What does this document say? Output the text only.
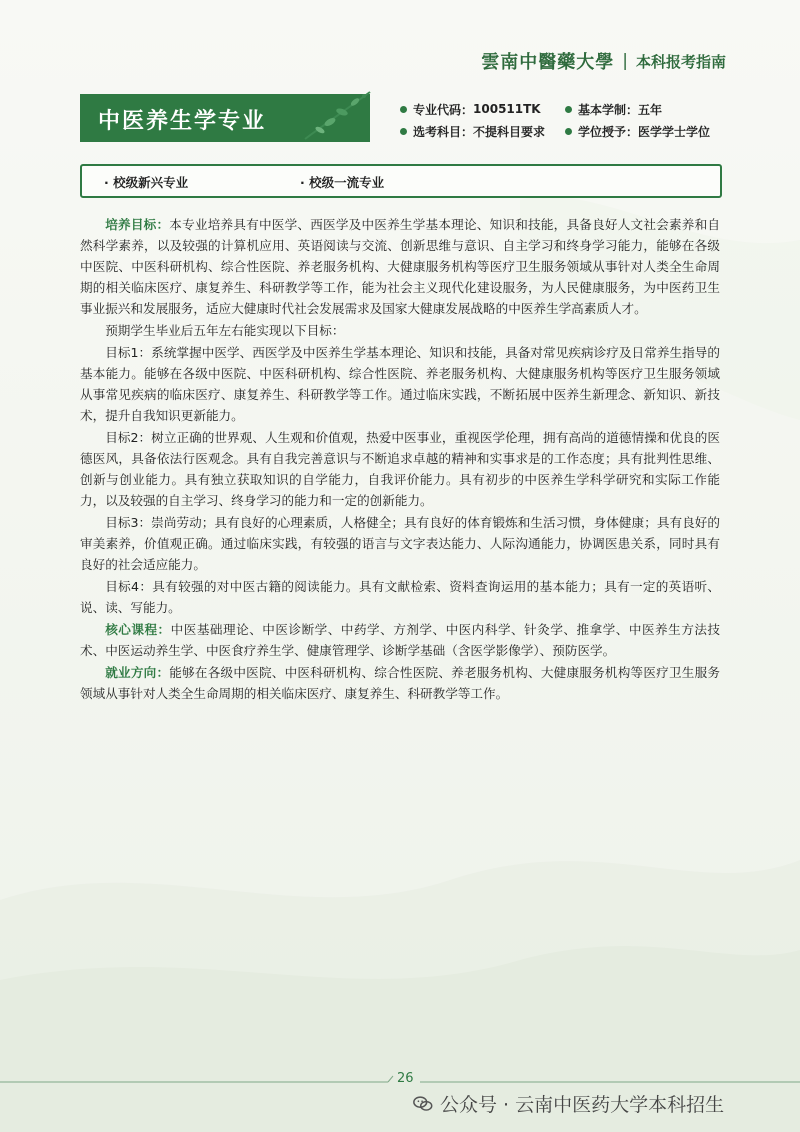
雲南中醫藥大學 | 本科报考指南
中医养生学专业	专业代码： 100511TK	基本学制： 五年
选考科目： 不提科目要求	学位授予： 医学学士学位
· 校级新兴专业	· 校级一流专业

培养目标：本专业培养具有中医学、西医学及中医养生学基本理论、知识和技能，具备良好人文社会素养和自然科学素养，以及较强的计算机应用、英语阅读与交流、创新思维与意识、自主学习和终身学习能力，能够在各级中医院、中医科研机构、综合性医院、养老服务机构、大健康服务机构等医疗卫生服务领域从事针对人类全生命周期的相关临床医疗、康复养生、科研教学等工作，能为社会主义现代化建设服务，为人民健康服务，为中医药卫生事业振兴和发展服务，适应大健康时代社会发展需求及国家大健康发展战略的中医养生学高素质人才。

预期学生毕业后五年左右能实现以下目标：

目标1：系统掌握中医学、西医学及中医养生学基本理论、知识和技能，具备对常见疾病诊疗及日常养生指导的基本能力。能够在各级中医院、中医科研机构、综合性医院、养老服务机构、大健康服务机构等医疗卫生服务领域从事常见疾病的临床医疗、康复养生、科研教学等工作。通过临床实践，不断拓展中医养生新理念、新知识、新技术，提升自我知识更新能力。

目标2：树立正确的世界观、人生观和价值观，热爱中医事业，重视医学伦理，拥有高尚的道德情操和优良的医德医风，具备依法行医观念。具有自我完善意识与不断追求卓越的精神和实事求是的工作态度；具有批判性思维、创新与创业能力。具有独立获取知识的自学能力，自我评价能力。具有初步的中医养生学科学研究和实际工作能力，以及较强的自主学习、终身学习的能力和一定的创新能力。

目标3：崇尚劳动；具有良好的心理素质，人格健全；具有良好的体育锻炼和生活习惯，身体健康；具有良好的审美素养，价值观正确。通过临床实践，有较强的语言与文字表达能力、人际沟通能力，协调医患关系，同时具有良好的社会适应能力。

目标4：具有较强的对中医古籍的阅读能力。具有文献检索、资料查询运用的基本能力；具有一定的英语听、说、读、写能力。

核心课程：中医基础理论、中医诊断学、中药学、方剂学、中医内科学、针灸学、推拿学、中医养生方法技术、中医运动养生学、中医食疗养生学、健康管理学、诊断学基础（含医学影像学）、预防医学。

就业方向：能够在各级中医院、中医科研机构、综合性医院、养老服务机构、大健康服务机构等医疗卫生服务领域从事针对人类全生命周期的相关临床医疗、康复养生、科研教学等工作。

26
公众号 · 云南中医药大学本科招生
